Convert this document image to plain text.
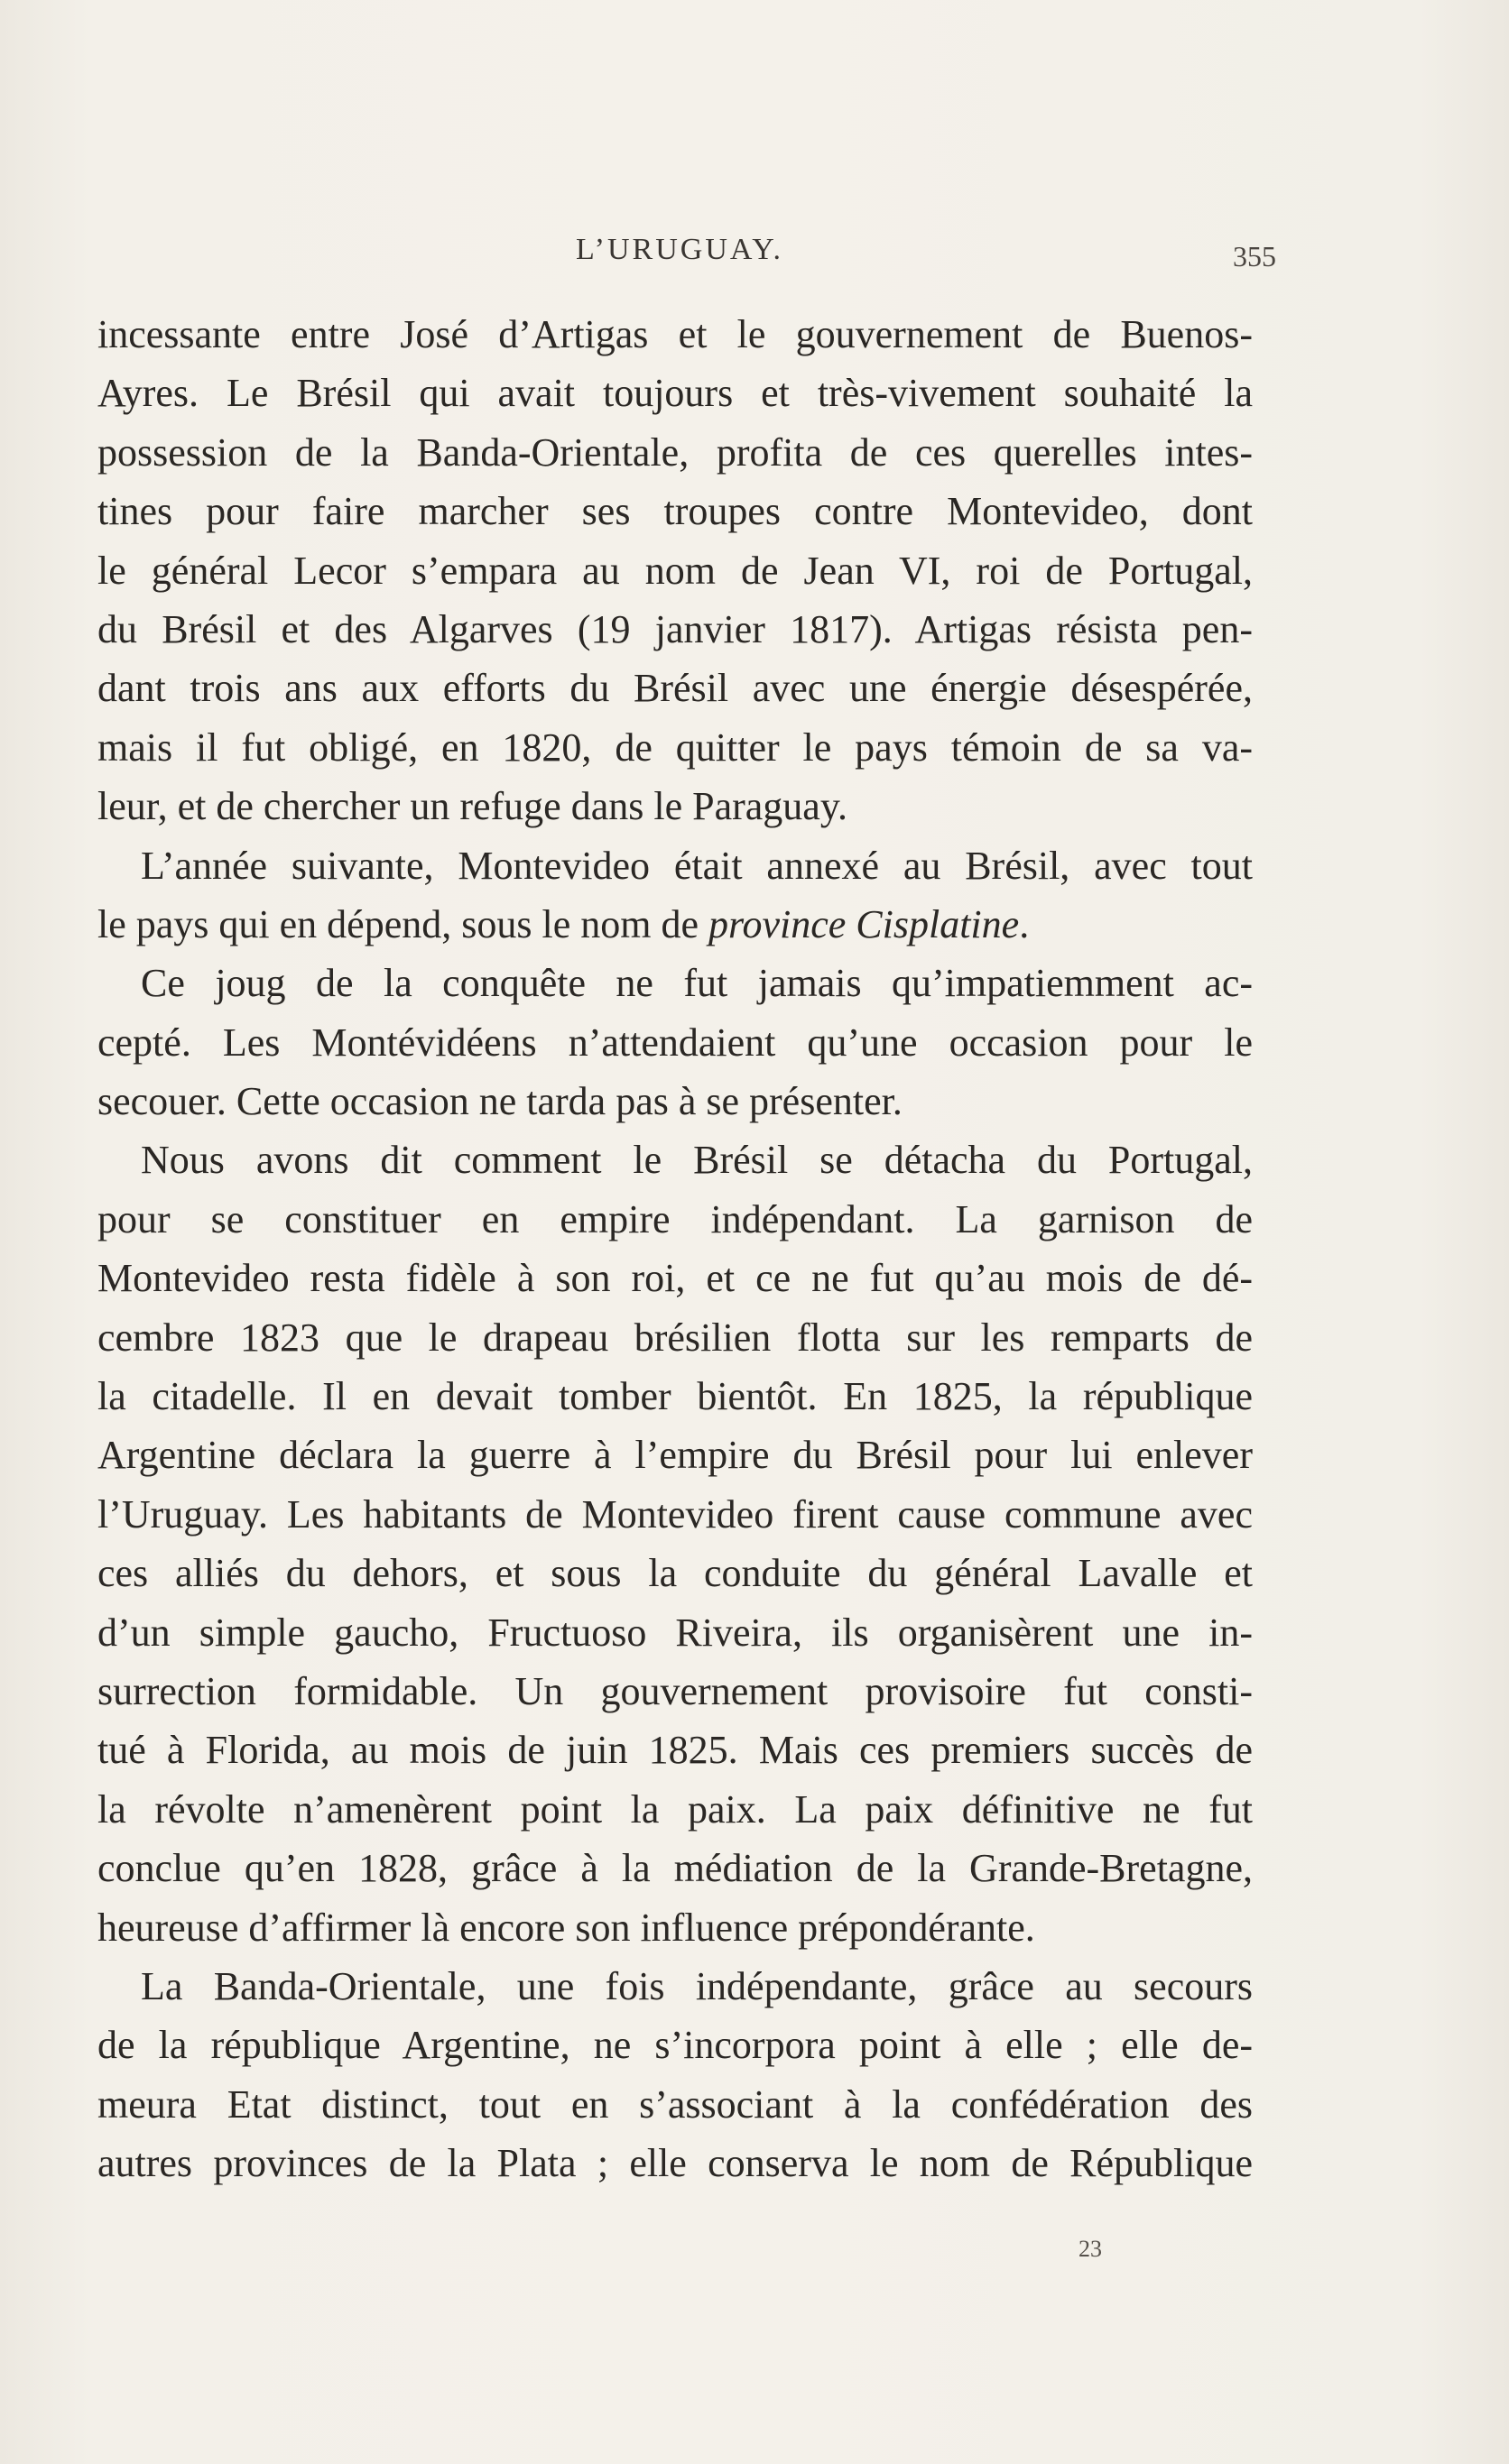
L’URUGUAY.	355
incessante entre José d’Artigas et le gouvernement de Buenos-
Ayres. Le Brésil qui avait toujours et très-vivement souhaité la
possession de la Banda-Orientale, profita de ces querelles intes-
tines pour faire marcher ses troupes contre Montevideo, dont
le général Lecor s’empara au nom de Jean VI, roi de Portugal,
du Brésil et des Algarves (19 janvier 1817). Artigas résista pen-
dant trois ans aux efforts du Brésil avec une énergie désespérée,
mais il fut obligé, en 1820, de quitter le pays témoin de sa va-
leur, et de chercher un refuge dans le Paraguay.
L’année suivante, Montevideo était annexé au Brésil, avec tout
le pays qui en dépend, sous le nom de province Cisplatine.
Ce joug de la conquête ne fut jamais qu’impatiemment ac-
cepté. Les Montévidéens n’attendaient qu’une occasion pour le
secouer. Cette occasion ne tarda pas à se présenter.
Nous avons dit comment le Brésil se détacha du Portugal,
pour se constituer en empire indépendant. La garnison de
Montevideo resta fidèle à son roi, et ce ne fut qu’au mois de dé-
cembre 1823 que le drapeau brésilien flotta sur les remparts de
la citadelle. Il en devait tomber bientôt. En 1825, la république
Argentine déclara la guerre à l’empire du Brésil pour lui enlever
l’Uruguay. Les habitants de Montevideo firent cause commune avec
ces alliés du dehors, et sous la conduite du général Lavalle et
d’un simple gaucho, Fructuoso Riveira, ils organisèrent une in-
surrection formidable. Un gouvernement provisoire fut consti-
tué à Florida, au mois de juin 1825. Mais ces premiers succès de
la révolte n’amenèrent point la paix. La paix définitive ne fut
conclue qu’en 1828, grâce à la médiation de la Grande-Bretagne,
heureuse d’affirmer là encore son influence prépondérante.
La Banda-Orientale, une fois indépendante, grâce au secours
de la république Argentine, ne s’incorpora point à elle ; elle de-
meura Etat distinct, tout en s’associant à la confédération des
autres provinces de la Plata ; elle conserva le nom de République
23
